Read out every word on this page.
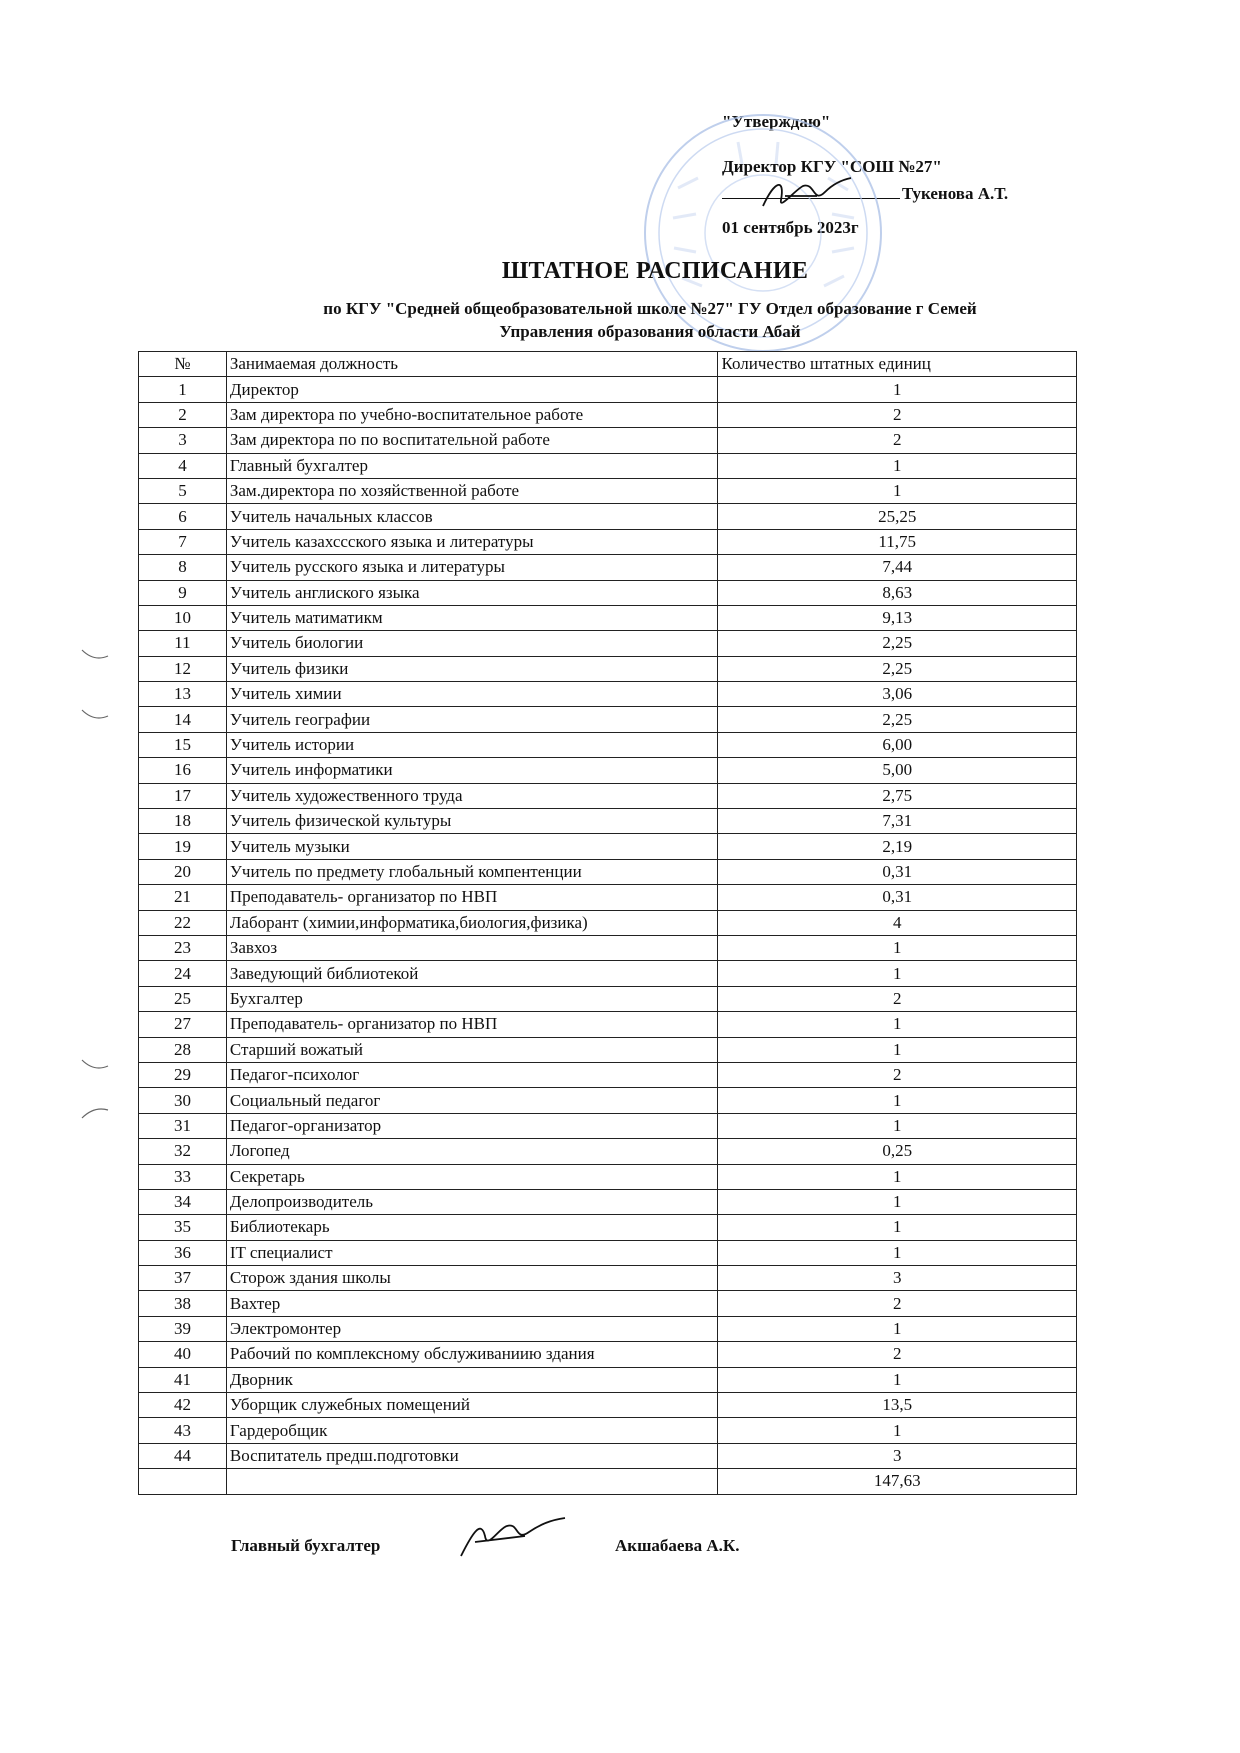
"Утверждаю"
Директор КГУ "СОШ №27"
Тукенова А.Т.
01 сентябрь 2023г
ШТАТНОЕ РАСПИСАНИЕ
по КГУ "Средней общеобразовательной школе №27" ГУ Отдел образование г Семей
Управления образования области Абай
№	Занимаемая должность	Количество штатных единиц
1	Директор	1
2	Зам директора по учебно-воспитательное работе	2
3	Зам директора по по воспитательной работе	2
4	Главный бухгалтер	1
5	Зам.директора по хозяйственной работе	1
6	Учитель начальных классов	25,25
7	Учитель казахсcского языка и литературы	11,75
8	Учитель русского языка и литературы	7,44
9	Учитель англиского языка	8,63
10	Учитель матиматикм	9,13
11	Учитель биологии	2,25
12	Учитель физики	2,25
13	Учитель химии	3,06
14	Учитель географии	2,25
15	Учитель истории	6,00
16	Учитель информатики	5,00
17	Учитель художественного труда	2,75
18	Учитель физической культуры	7,31
19	Учитель музыки	2,19
20	Учитель по предмету глобальный компентенции	0,31
21	Преподаватель- организатор по НВП	0,31
22	Лаборант (химии,информатика,биология,физика)	4
23	Завхоз	1
24	Заведующий библиотекой	1
25	Бухгалтер	2
27	Преподаватель- организатор по НВП	1
28	Старший вожатый	1
29	Педагог-психолог	2
30	Социальный педагог	1
31	Педагог-организатор	1
32	Логопед	0,25
33	Секретарь	1
34	Делопроизводитель	1
35	Библиотекарь	1
36	IT специалист	1
37	Сторож здания школы	3
38	Вахтер	2
39	Электромонтер	1
40	Рабочий по комплексному обслуживаниию здания	2
41	Дворник	1
42	Уборщик служебных помещений	13,5
43	Гардеробщик	1
44	Воспитатель предш.подготовки	3
		147,63
Главный бухгалтер	Акшабаева А.К.
